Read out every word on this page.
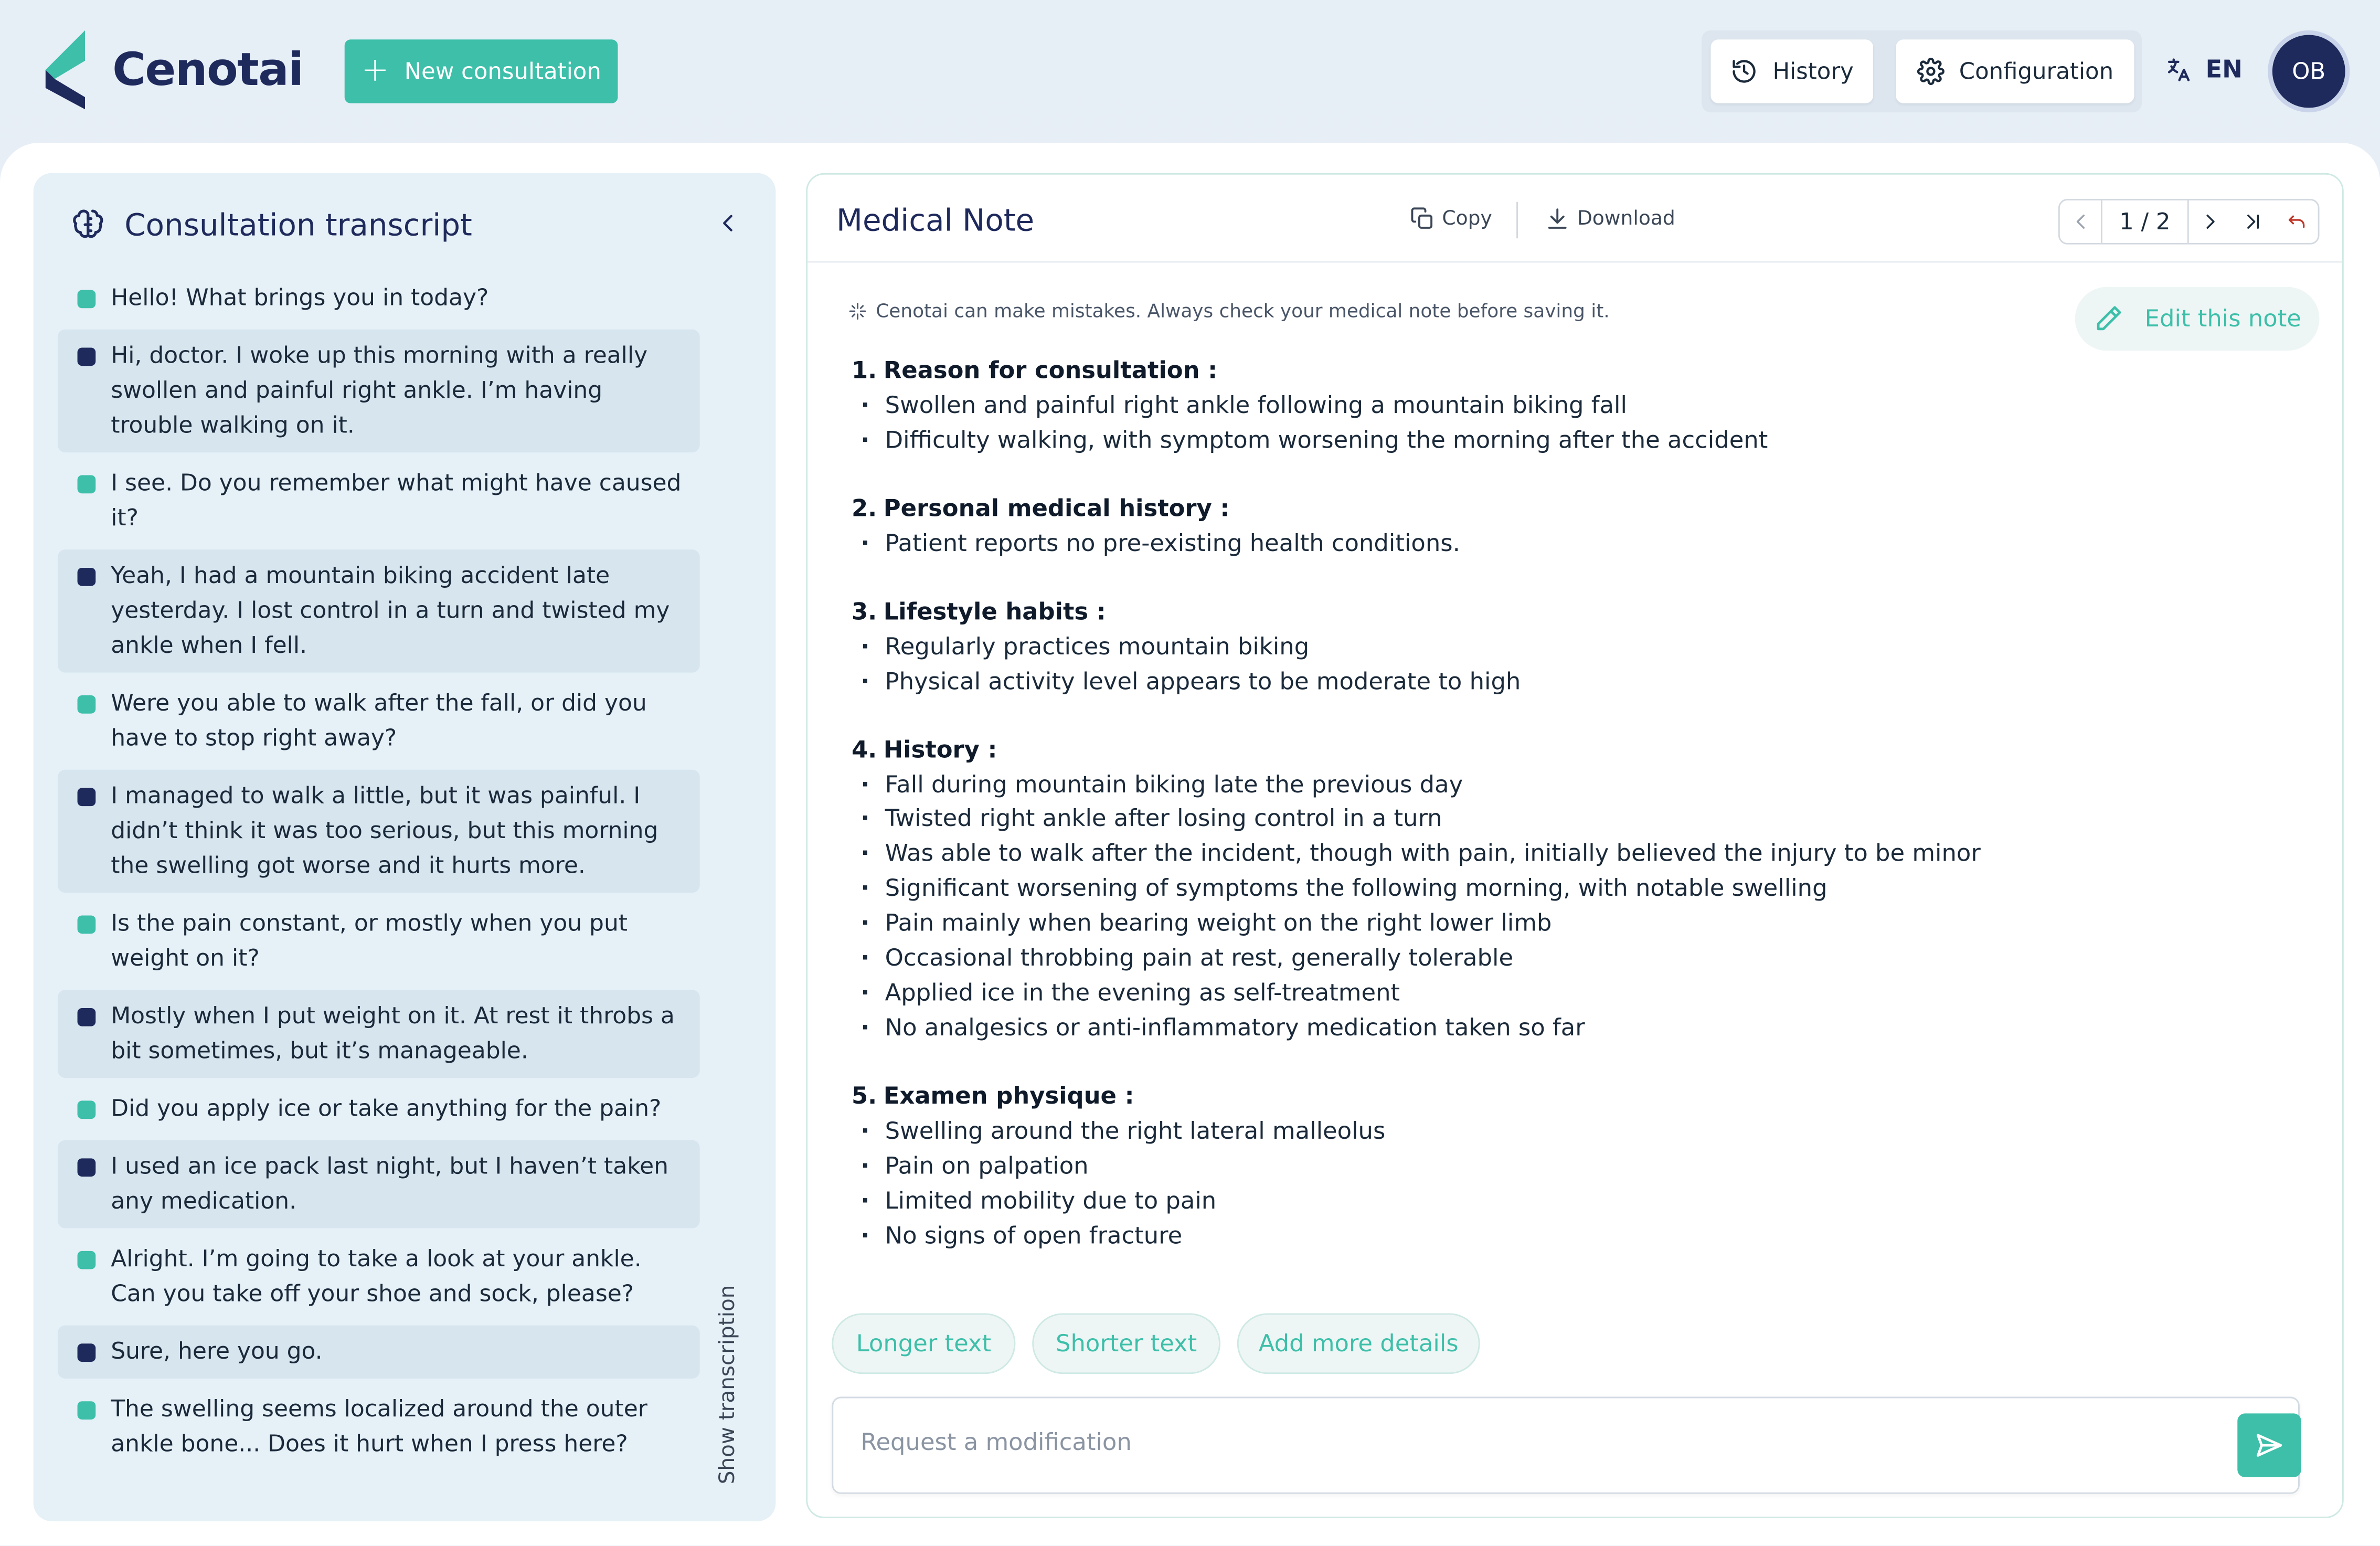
Cenotai	+ New consultation	History	Configuration	EN	OB
Consultation transcript
Hello! What brings you in today?
Hi, doctor. I woke up this morning with a really swollen and painful right ankle. I’m having trouble walking on it.
I see. Do you remember what might have caused it?
Yeah, I had a mountain biking accident late yesterday. I lost control in a turn and twisted my ankle when I fell.
Were you able to walk after the fall, or did you have to stop right away?
I managed to walk a little, but it was painful. I didn’t think it was too serious, but this morning the swelling got worse and it hurts more.
Is the pain constant, or mostly when you put weight on it?
Mostly when I put weight on it. At rest it throbs a bit sometimes, but it’s manageable.
Did you apply ice or take anything for the pain?
I used an ice pack last night, but I haven’t taken any medication.
Alright. I’m going to take a look at your ankle. Can you take off your shoe and sock, please?
Sure, here you go.
The swelling seems localized around the outer ankle bone... Does it hurt when I press here?	Show transcription
Medical Note	Copy	Download	1 / 2
Cenotai can make mistakes. Always check your medical note before saving it.	Edit this note
1. Reason for consultation :
· Swollen and painful right ankle following a mountain biking fall
· Difficulty walking, with symptom worsening the morning after the accident
2. Personal medical history :
· Patient reports no pre-existing health conditions.
3. Lifestyle habits :
· Regularly practices mountain biking
· Physical activity level appears to be moderate to high
4. History :
· Fall during mountain biking late the previous day
· Twisted right ankle after losing control in a turn
· Was able to walk after the incident, though with pain, initially believed the injury to be minor
· Significant worsening of symptoms the following morning, with notable swelling
· Pain mainly when bearing weight on the right lower limb
· Occasional throbbing pain at rest, generally tolerable
· Applied ice in the evening as self-treatment
· No analgesics or anti-inflammatory medication taken so far
5. Examen physique :
· Swelling around the right lateral malleolus
· Pain on palpation
· Limited mobility due to pain
· No signs of open fracture
Longer text	Shorter text	Add more details
Request a modification
